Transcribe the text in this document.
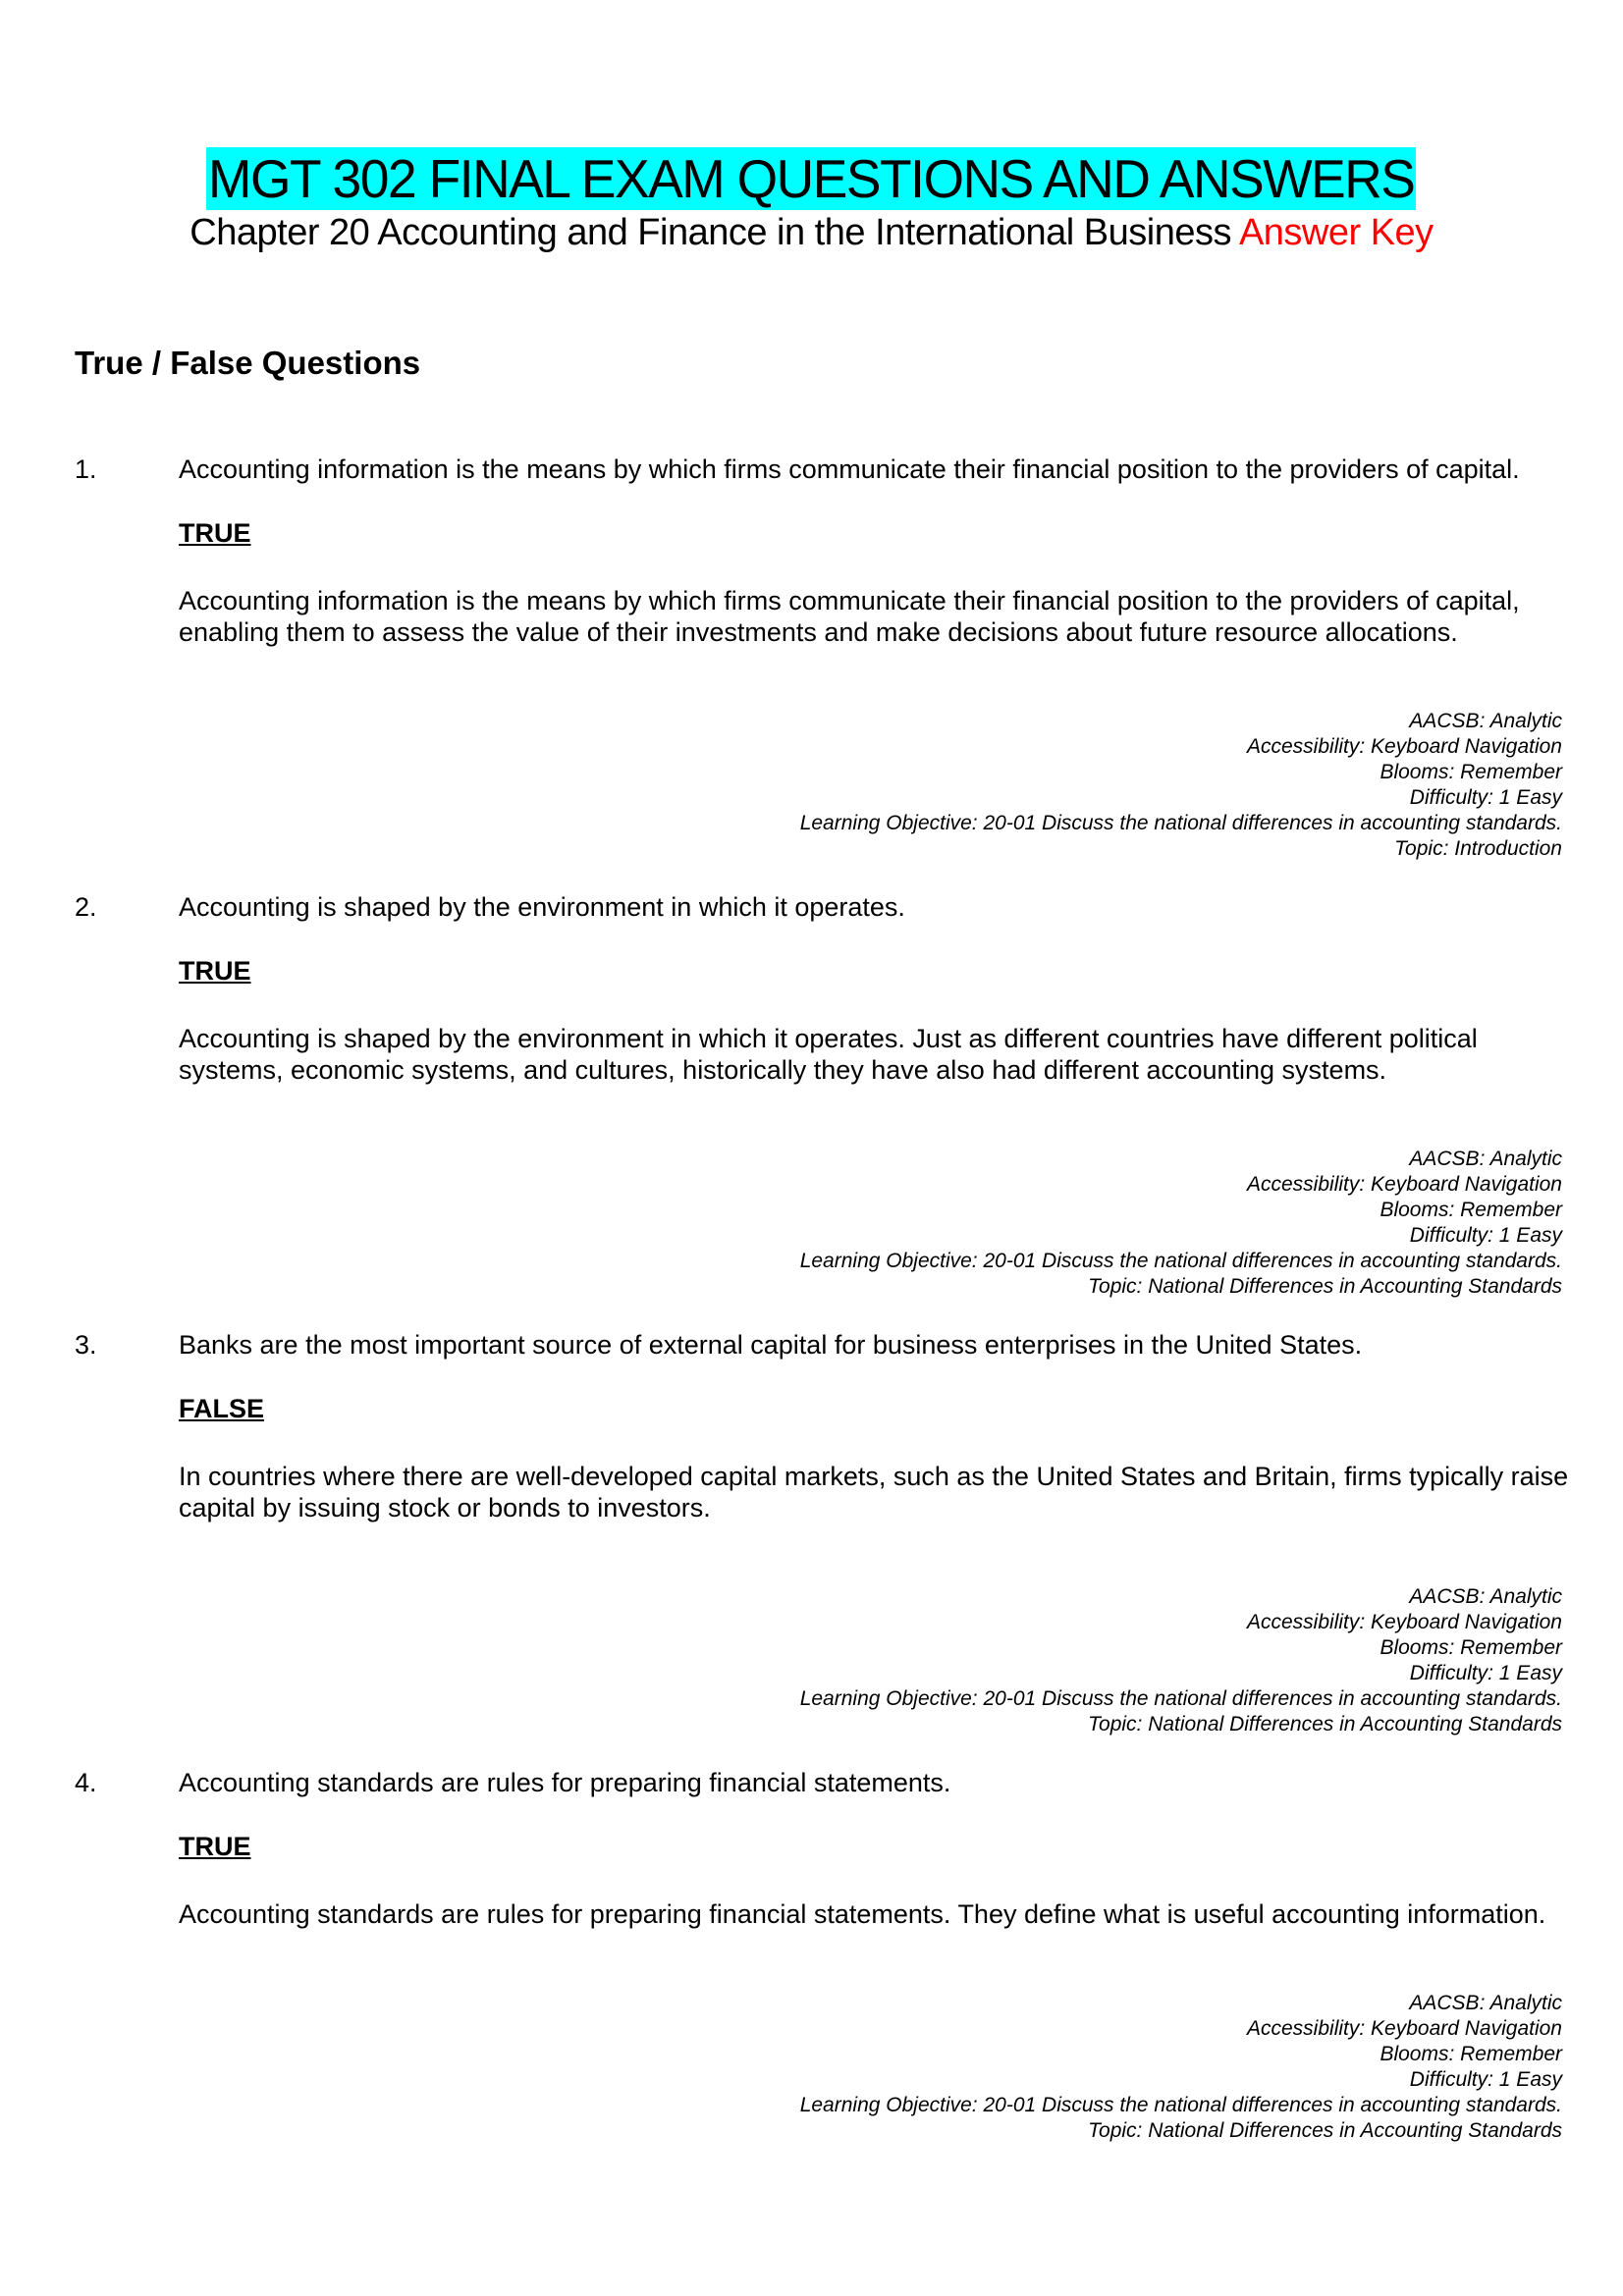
MGT 302 FINAL EXAM QUESTIONS AND ANSWERS
Chapter 20 Accounting and Finance in the International Business Answer Key
True / False Questions
1.	Accounting information is the means by which firms communicate their financial position to the providers of capital.
TRUE
Accounting information is the means by which firms communicate their financial position to the providers of capital, enabling them to assess the value of their investments and make decisions about future resource allocations.
AACSB: Analytic
Accessibility: Keyboard Navigation
Blooms: Remember
Difficulty: 1 Easy
Learning Objective: 20-01 Discuss the national differences in accounting standards.
Topic: Introduction
2.	Accounting is shaped by the environment in which it operates.
TRUE
Accounting is shaped by the environment in which it operates. Just as different countries have different political systems, economic systems, and cultures, historically they have also had different accounting systems.
AACSB: Analytic
Accessibility: Keyboard Navigation
Blooms: Remember
Difficulty: 1 Easy
Learning Objective: 20-01 Discuss the national differences in accounting standards.
Topic: National Differences in Accounting Standards
3.	Banks are the most important source of external capital for business enterprises in the United States.
FALSE
In countries where there are well-developed capital markets, such as the United States and Britain, firms typically raise capital by issuing stock or bonds to investors.
AACSB: Analytic
Accessibility: Keyboard Navigation
Blooms: Remember
Difficulty: 1 Easy
Learning Objective: 20-01 Discuss the national differences in accounting standards.
Topic: National Differences in Accounting Standards
4.	Accounting standards are rules for preparing financial statements.
TRUE
Accounting standards are rules for preparing financial statements. They define what is useful accounting information.
AACSB: Analytic
Accessibility: Keyboard Navigation
Blooms: Remember
Difficulty: 1 Easy
Learning Objective: 20-01 Discuss the national differences in accounting standards.
Topic: National Differences in Accounting Standards
